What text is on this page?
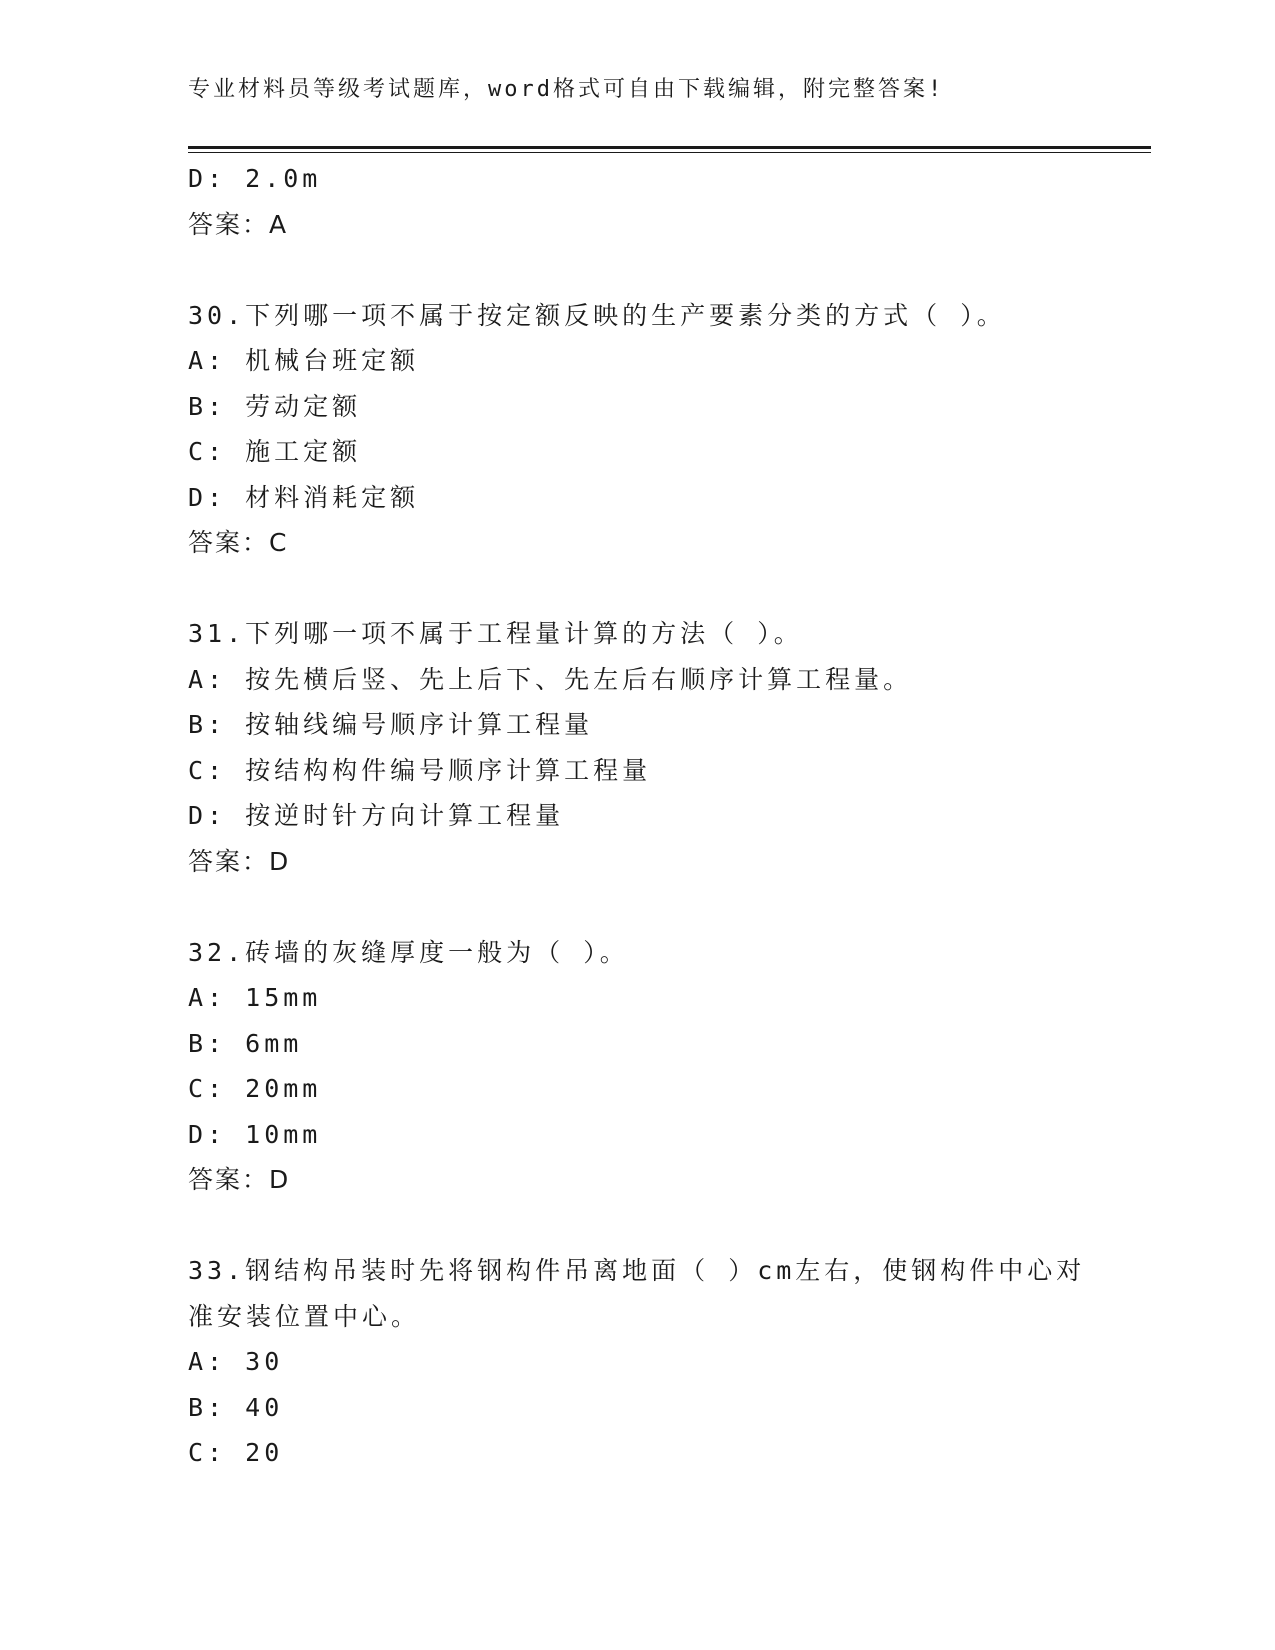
专业材料员等级考试题库，word格式可自由下载编辑，附完整答案!
D: 2.0m
答案：A
30.下列哪一项不属于按定额反映的生产要素分类的方式（ ）。
A: 机械台班定额
B: 劳动定额
C: 施工定额
D: 材料消耗定额
答案：C
31.下列哪一项不属于工程量计算的方法（ ）。
A: 按先横后竖、先上后下、先左后右顺序计算工程量。
B: 按轴线编号顺序计算工程量
C: 按结构构件编号顺序计算工程量
D: 按逆时针方向计算工程量
答案：D
32.砖墙的灰缝厚度一般为（ ）。
A: 15mm
B: 6mm
C: 20mm
D: 10mm
答案：D
33.钢结构吊装时先将钢构件吊离地面（ ）cm左右，使钢构件中心对
准安装位置中心。
A: 30
B: 40
C: 20
